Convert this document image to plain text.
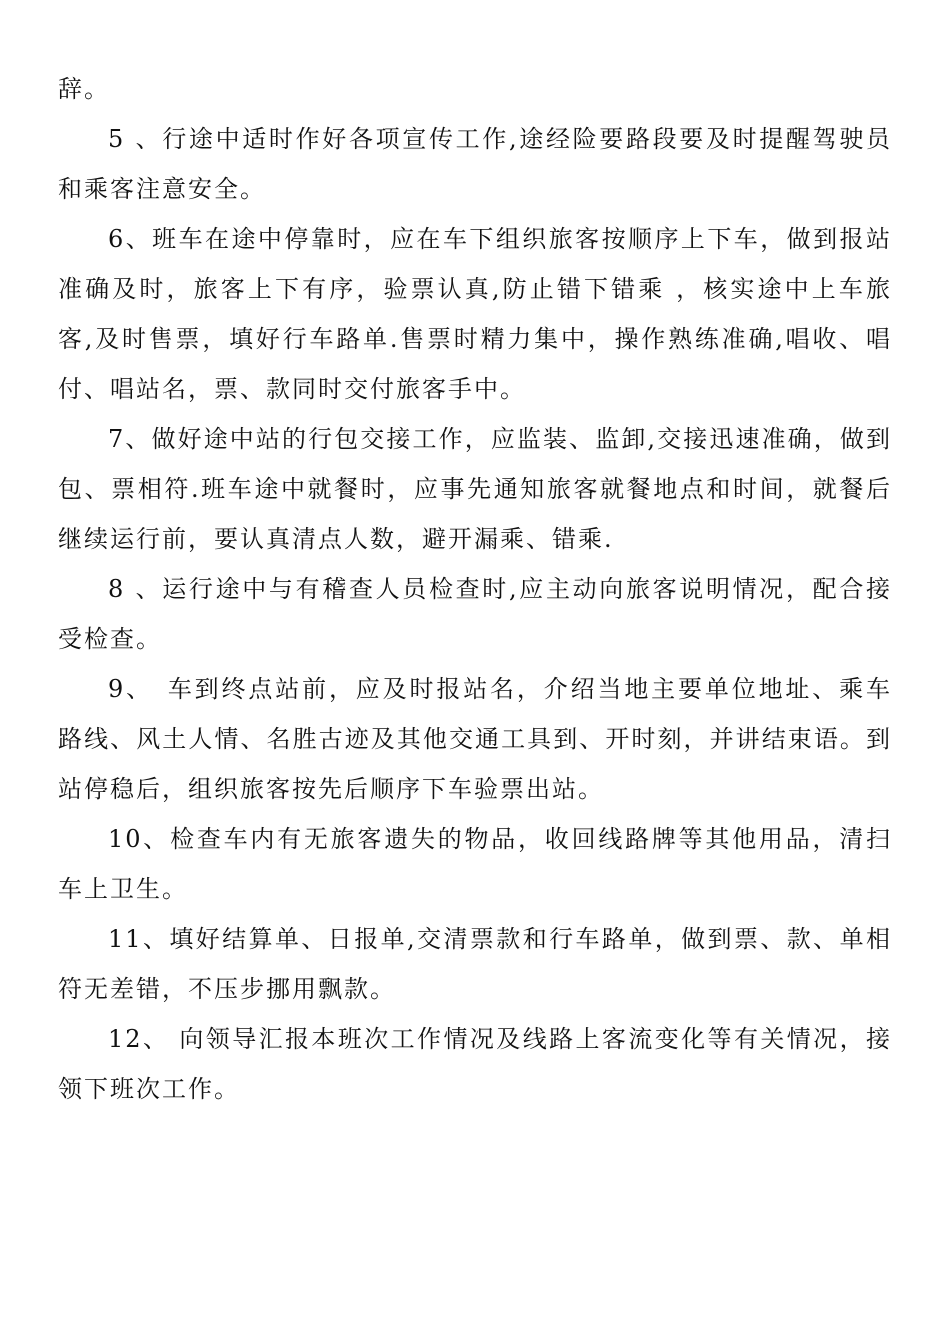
辞。

5 、行途中适时作好各项宣传工作,途经险要路段要及时提醒驾驶员和乘客注意安全。

6、班车在途中停靠时，应在车下组织旅客按顺序上下车，做到报站准确及时，旅客上下有序，验票认真,防止错下错乘 ，核实途中上车旅客,及时售票，填好行车路单.售票时精力集中，操作熟练准确,唱收、唱付、唱站名，票、款同时交付旅客手中。

7、做好途中站的行包交接工作，应监装、监卸,交接迅速准确，做到包、票相符.班车途中就餐时，应事先通知旅客就餐地点和时间，就餐后继续运行前，要认真清点人数，避开漏乘、错乘.

8 、运行途中与有稽查人员检查时,应主动向旅客说明情况，配合接受检查。

9、　车到终点站前，应及时报站名，介绍当地主要单位地址、乘车路线、风土人情、名胜古迹及其他交通工具到、开时刻，并讲结束语。到站停稳后，组织旅客按先后顺序下车验票出站。

10、检查车内有无旅客遗失的物品，收回线路牌等其他用品，清扫车上卫生。

11、填好结算单、日报单,交清票款和行车路单，做到票、款、单相符无差错，不压步挪用飘款。

12、 向领导汇报本班次工作情况及线路上客流变化等有关情况，接领下班次工作。
